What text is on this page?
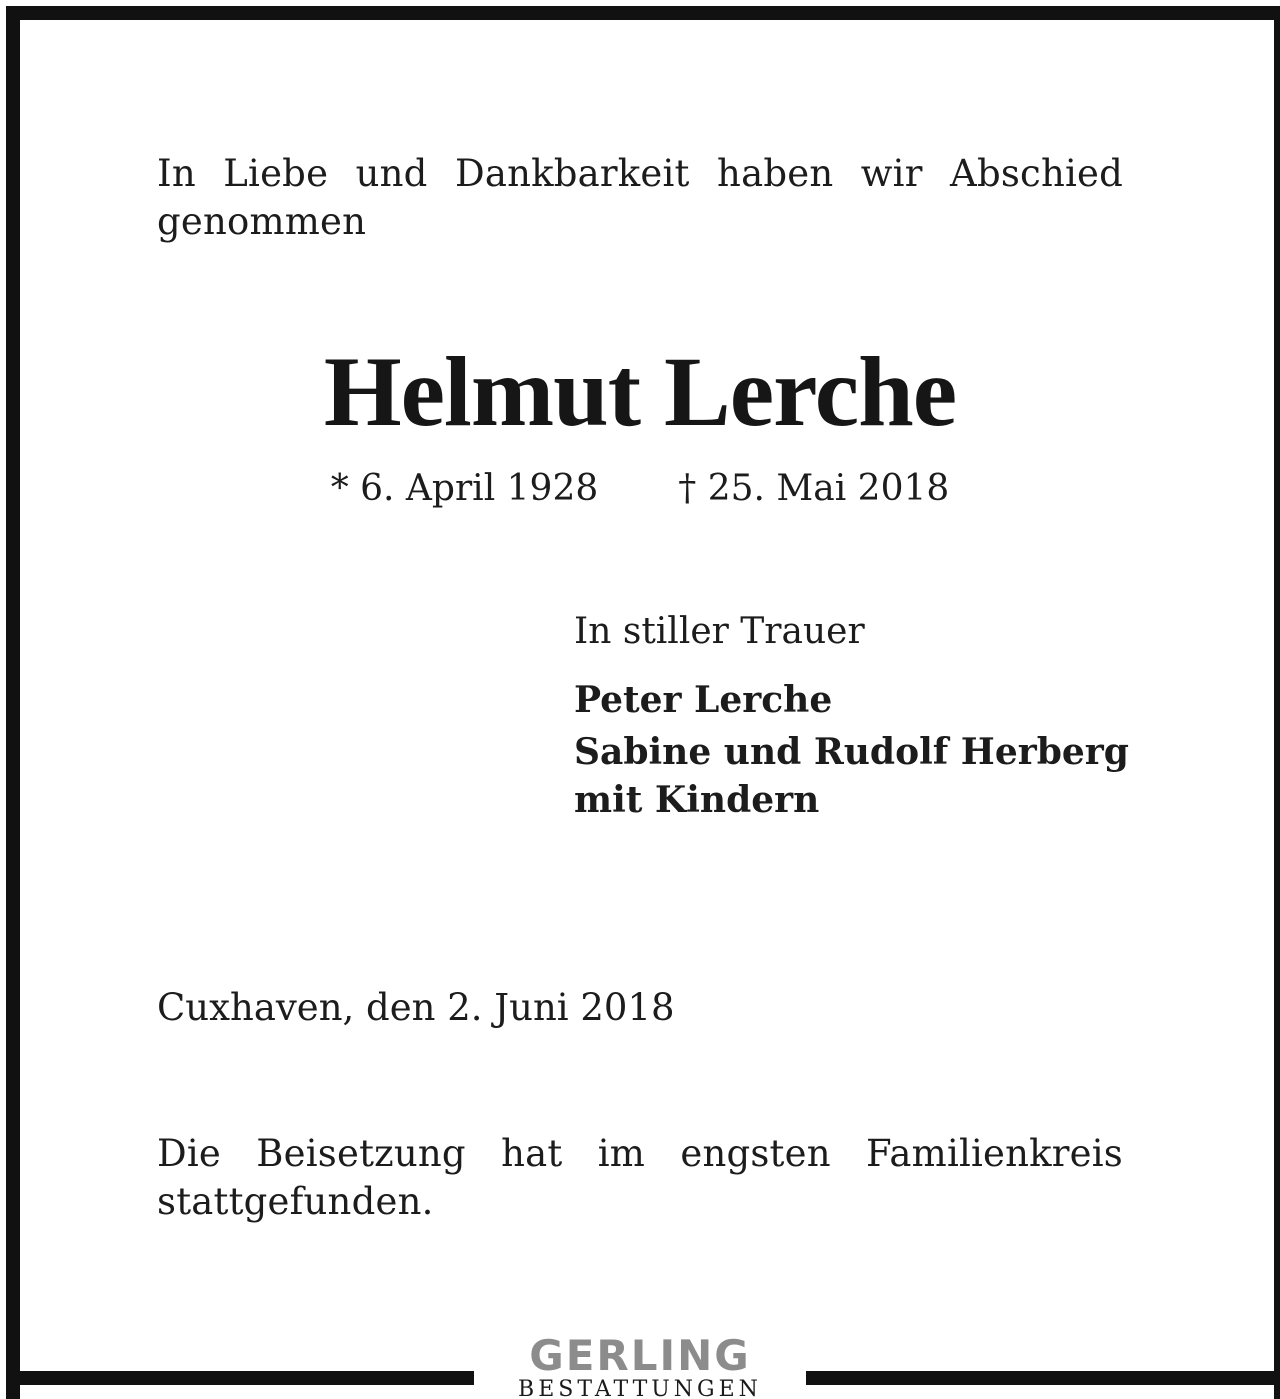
In Liebe und Dankbarkeit haben wir Abschied genommen
Helmut Lerche
* 6. April 1928 † 25. Mai 2018
In stiller Trauer
Peter Lerche
Sabine und Rudolf Herberg
mit Kindern
Cuxhaven, den 2. Juni 2018
Die Beisetzung hat im engsten Familienkreis stattgefunden.
GERLING
BESTATTUNGEN
